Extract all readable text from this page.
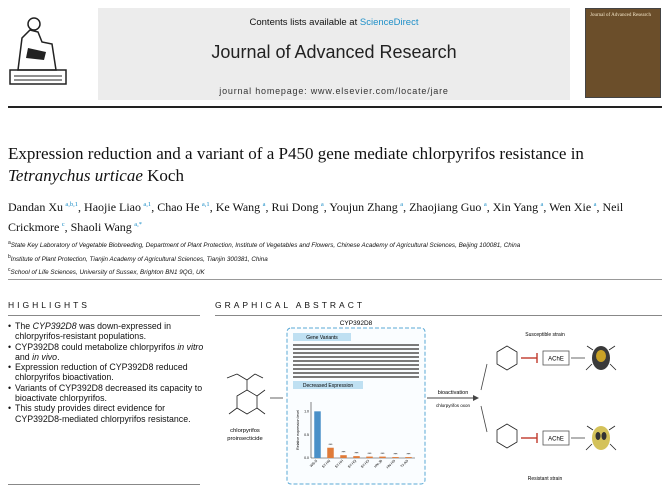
Contents lists available at ScienceDirect
Journal of Advanced Research
journal homepage: www.elsevier.com/locate/jare
Journal of Advanced Research
Expression reduction and a variant of a P450 gene mediate chlorpyrifos resistance in Tetranychus urticae Koch
Dandan Xu  $^{a,b,1}$, Haojie Liao  $^{a,1}$, Chao He  $^{a,1}$, Ke Wang  $^a$, Rui Dong  $^a$, Youjun Zhang  $^a$, Zhaojiang Guo  $^a$, Xin Yang  $^a$, Wen Xie  $^a$, Neil Crickmore  $^c$, Shaoli Wang  $^{a,*}$
$^a$State Key Laboratory of Vegetable Biobreeding, Department of Plant Protection, Institute of Vegetables and Flowers, Chinese Academy of Agricultural Sciences, Beijing 100081, China
$^b$Institute of Plant Protection, Tianjin Academy of Agricultural Sciences, Tianjin 300381, China
$^c$School of Life Sciences, University of Sussex, Brighton BN1 9QG, UK
HIGHLIGHTS
• The CYP392D8 was down-expressed in chlorpyrifos-resistant populations.
• CYP392D8 could metabolize chlorpyrifos in vitro and in vivo.
• Expression reduction of CYP392D8 reduced chlorpyrifos bioactivation.
• Variants of CYP392D8 decreased its capacity to bioactivate chlorpyrifos.
• This study provides direct evidence for CYP392D8-mediated chlorpyrifos resistance.
GRAPHICAL ABSTRACT
chlorpyrifos
proinsecticide
CYP392D8
Gene Variants
Decreased Expression
Relative expression level
0.0
0.5
1.0
WS-S
***
SY-HN
***
SY-HH
***
SY-HQ
***
SY-HO
***
HN-JB
***
HN-HD
***
TJ-AD
bioactivation
chlorpyrifos oxon
Susceptible strain
Resistant strain
AChE
AChE
